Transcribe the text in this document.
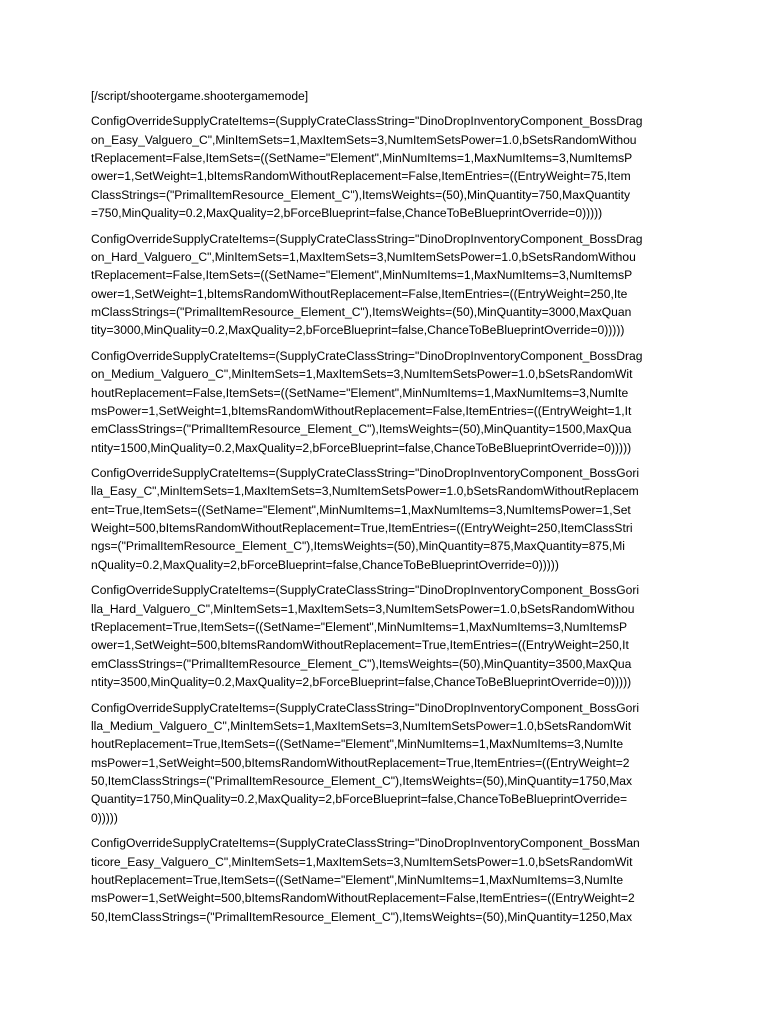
[/script/shootergame.shootergamemode]
ConfigOverrideSupplyCrateItems=(SupplyCrateClassString="DinoDropInventoryComponent_BossDrag
on_Easy_Valguero_C",MinItemSets=1,MaxItemSets=3,NumItemSetsPower=1.0,bSetsRandomWithou
tReplacement=False,ItemSets=((SetName="Element",MinNumItems=1,MaxNumItems=3,NumItemsP
ower=1,SetWeight=1,bItemsRandomWithoutReplacement=False,ItemEntries=((EntryWeight=75,Item
ClassStrings=("PrimalItemResource_Element_C"),ItemsWeights=(50),MinQuantity=750,MaxQuantity
=750,MinQuality=0.2,MaxQuality=2,bForceBlueprint=false,ChanceToBeBlueprintOverride=0)))))
ConfigOverrideSupplyCrateItems=(SupplyCrateClassString="DinoDropInventoryComponent_BossDrag
on_Hard_Valguero_C",MinItemSets=1,MaxItemSets=3,NumItemSetsPower=1.0,bSetsRandomWithou
tReplacement=False,ItemSets=((SetName="Element",MinNumItems=1,MaxNumItems=3,NumItemsP
ower=1,SetWeight=1,bItemsRandomWithoutReplacement=False,ItemEntries=((EntryWeight=250,Ite
mClassStrings=("PrimalItemResource_Element_C"),ItemsWeights=(50),MinQuantity=3000,MaxQuan
tity=3000,MinQuality=0.2,MaxQuality=2,bForceBlueprint=false,ChanceToBeBlueprintOverride=0)))))
ConfigOverrideSupplyCrateItems=(SupplyCrateClassString="DinoDropInventoryComponent_BossDrag
on_Medium_Valguero_C",MinItemSets=1,MaxItemSets=3,NumItemSetsPower=1.0,bSetsRandomWit
houtReplacement=False,ItemSets=((SetName="Element",MinNumItems=1,MaxNumItems=3,NumIte
msPower=1,SetWeight=1,bItemsRandomWithoutReplacement=False,ItemEntries=((EntryWeight=1,It
emClassStrings=("PrimalItemResource_Element_C"),ItemsWeights=(50),MinQuantity=1500,MaxQua
ntity=1500,MinQuality=0.2,MaxQuality=2,bForceBlueprint=false,ChanceToBeBlueprintOverride=0)))))
ConfigOverrideSupplyCrateItems=(SupplyCrateClassString="DinoDropInventoryComponent_BossGori
lla_Easy_C",MinItemSets=1,MaxItemSets=3,NumItemSetsPower=1.0,bSetsRandomWithoutReplacem
ent=True,ItemSets=((SetName="Element",MinNumItems=1,MaxNumItems=3,NumItemsPower=1,Set
Weight=500,bItemsRandomWithoutReplacement=True,ItemEntries=((EntryWeight=250,ItemClassStri
ngs=("PrimalItemResource_Element_C"),ItemsWeights=(50),MinQuantity=875,MaxQuantity=875,Mi
nQuality=0.2,MaxQuality=2,bForceBlueprint=false,ChanceToBeBlueprintOverride=0)))))
ConfigOverrideSupplyCrateItems=(SupplyCrateClassString="DinoDropInventoryComponent_BossGori
lla_Hard_Valguero_C",MinItemSets=1,MaxItemSets=3,NumItemSetsPower=1.0,bSetsRandomWithou
tReplacement=True,ItemSets=((SetName="Element",MinNumItems=1,MaxNumItems=3,NumItemsP
ower=1,SetWeight=500,bItemsRandomWithoutReplacement=True,ItemEntries=((EntryWeight=250,It
emClassStrings=("PrimalItemResource_Element_C"),ItemsWeights=(50),MinQuantity=3500,MaxQua
ntity=3500,MinQuality=0.2,MaxQuality=2,bForceBlueprint=false,ChanceToBeBlueprintOverride=0)))))
ConfigOverrideSupplyCrateItems=(SupplyCrateClassString="DinoDropInventoryComponent_BossGori
lla_Medium_Valguero_C",MinItemSets=1,MaxItemSets=3,NumItemSetsPower=1.0,bSetsRandomWit
houtReplacement=True,ItemSets=((SetName="Element",MinNumItems=1,MaxNumItems=3,NumIte
msPower=1,SetWeight=500,bItemsRandomWithoutReplacement=True,ItemEntries=((EntryWeight=2
50,ItemClassStrings=("PrimalItemResource_Element_C"),ItemsWeights=(50),MinQuantity=1750,Max
Quantity=1750,MinQuality=0.2,MaxQuality=2,bForceBlueprint=false,ChanceToBeBlueprintOverride=
0)))))
ConfigOverrideSupplyCrateItems=(SupplyCrateClassString="DinoDropInventoryComponent_BossMan
ticore_Easy_Valguero_C",MinItemSets=1,MaxItemSets=3,NumItemSetsPower=1.0,bSetsRandomWit
houtReplacement=True,ItemSets=((SetName="Element",MinNumItems=1,MaxNumItems=3,NumIte
msPower=1,SetWeight=500,bItemsRandomWithoutReplacement=False,ItemEntries=((EntryWeight=2
50,ItemClassStrings=("PrimalItemResource_Element_C"),ItemsWeights=(50),MinQuantity=1250,Max
